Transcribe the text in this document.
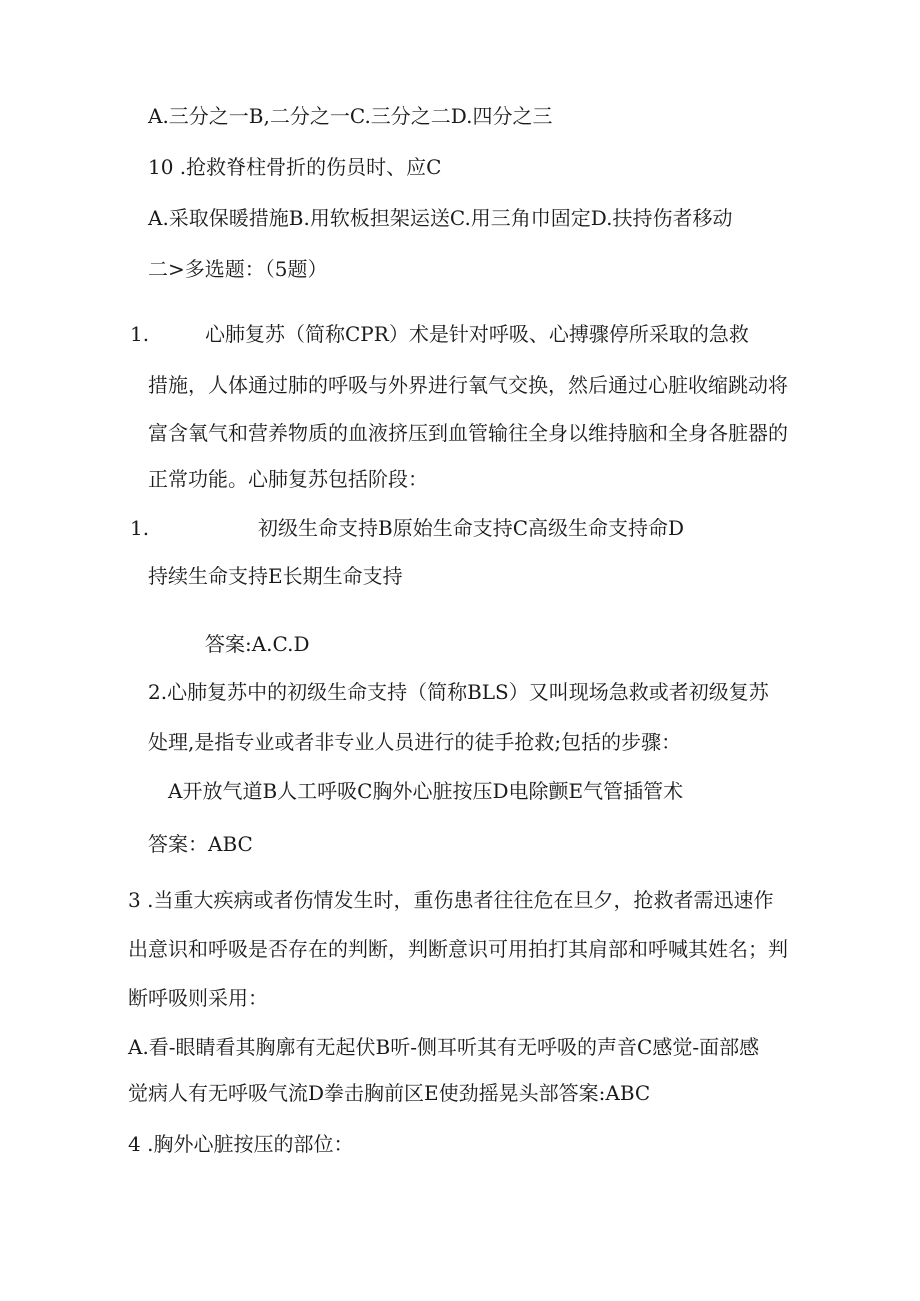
A.三分之一B,二分之一C.三分之二D.四分之三
10 .抢救脊柱骨折的伤员时、应C
A.采取保暖措施B.用软板担架运送C.用三角巾固定D.扶持伤者移动
二>多选题：（5题）
1.	心肺复苏（简称CPR）术是针对呼吸、心搏骤停所采取的急救
措施，人体通过肺的呼吸与外界进行氧气交换，然后通过心脏收缩跳动将
富含氧气和营养物质的血液挤压到血管输往全身以维持脑和全身各脏器的
正常功能。心肺复苏包括阶段：
1.	初级生命支持B原始生命支持C高级生命支持命D
持续生命支持E长期生命支持
答案:A.C.D
2.心肺复苏中的初级生命支持（简称BLS）又叫现场急救或者初级复苏
处理,是指专业或者非专业人员进行的徒手抢救;包括的步骤：
A开放气道B人工呼吸C胸外心脏按压D电除颤E气管插管术
答案：ABC
3 .当重大疾病或者伤情发生时，重伤患者往往危在旦夕，抢救者需迅速作
出意识和呼吸是否存在的判断，判断意识可用拍打其肩部和呼喊其姓名；判
断呼吸则采用：
A.看-眼睛看其胸廓有无起伏B听-侧耳听其有无呼吸的声音C感觉-面部感
觉病人有无呼吸气流D拳击胸前区E使劲摇晃头部答案:ABC
4 .胸外心脏按压的部位：
